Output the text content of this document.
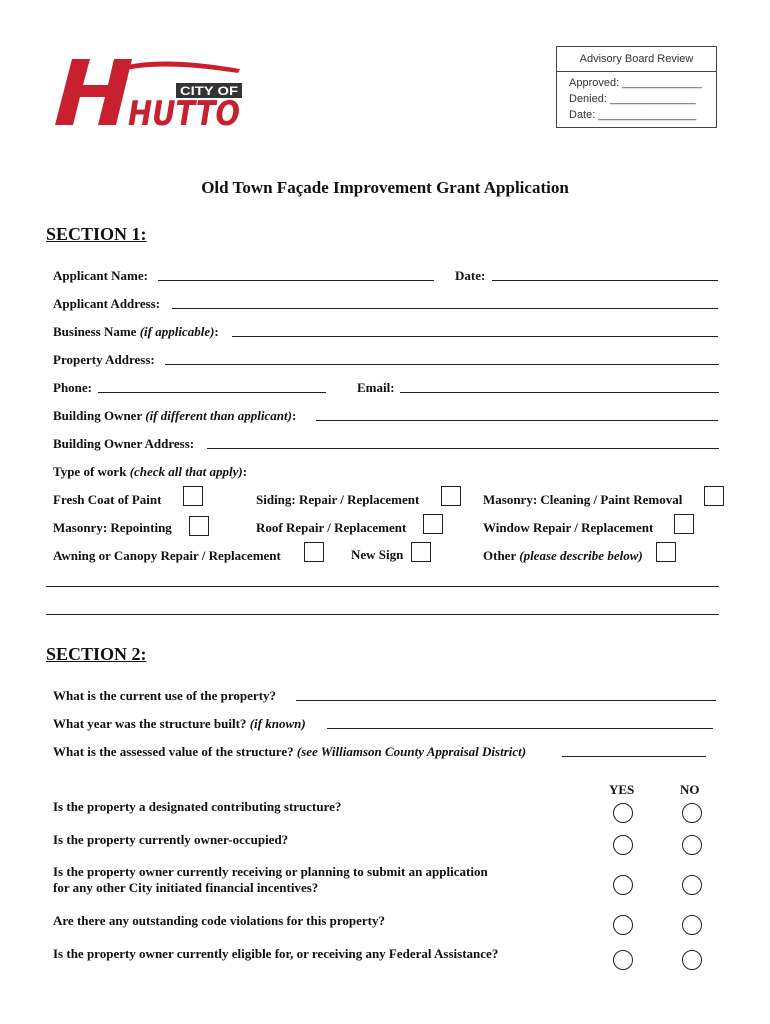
HUTTO
CITY OF
Advisory Board Review
Approved: _____________
Denied: ______________
Date: ________________
Old Town Façade Improvement Grant Application
SECTION 1:
Applicant Name:	Date:
Applicant Address:
Business Name (if applicable):
Property Address:
Phone:	Email:
Building Owner (if different than applicant):
Building Owner Address:
Type of work (check all that apply):
Fresh Coat of Paint	Siding: Repair / Replacement	Masonry: Cleaning / Paint Removal
Masonry: Repointing	Roof Repair / Replacement	Window Repair / Replacement
Awning or Canopy Repair / Replacement	New Sign	Other (please describe below)
SECTION 2:
What is the current use of the property?
What year was the structure built? (if known)
What is the assessed value of the structure? (see Williamson County Appraisal District)
YES	NO
Is the property a designated contributing structure?
Is the property currently owner-occupied?
Is the property owner currently receiving or planning to submit an application
for any other City initiated financial incentives?
Are there any outstanding code violations for this property?
Is the property owner currently eligible for, or receiving any Federal Assistance?
